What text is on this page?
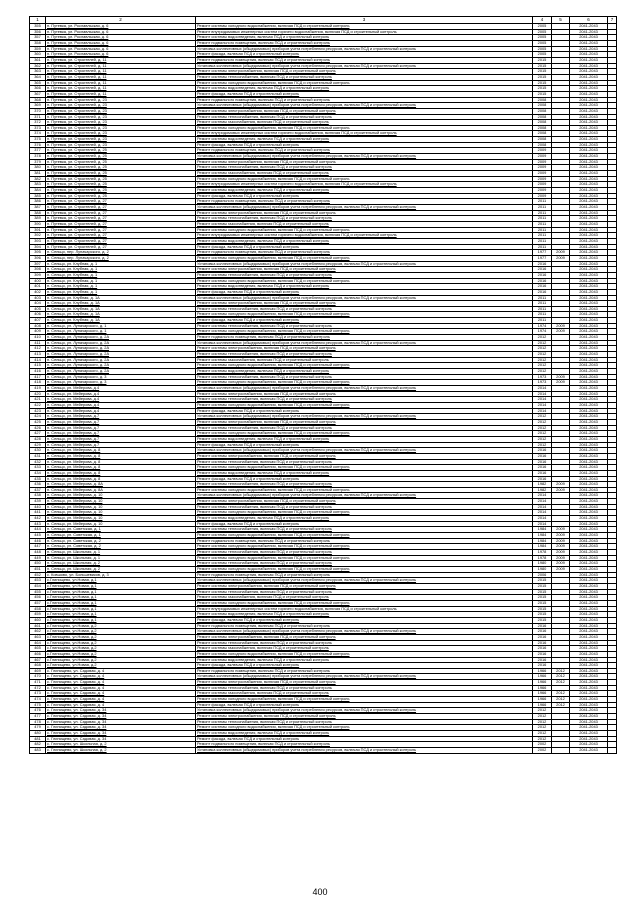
1	2	3	4	5	6	7
355	п. Путевка, ул. Рославльская, д. 6	Ремонт системы холодного водоснабжения, включая ПСД и строительный контроль	2005		2041-2043	
356	п. Путевка, ул. Рославльская, д. 6	Ремонт внутридомовых инженерных систем горячего водоснабжения, включая ПСД и строительный контроль	2005		2041-2043	
357	п. Путевка, ул. Рославльская, д. 6	Ремонт системы водоотведения, включая ПСД и строительный контроль	2005		2041-2043	
358	п. Путевка, ул. Рославльская, д. 6	Ремонт подвального помещения, включая ПСД и строительный контроль	2005		2041-2043	
359	п. Путевка, ул. Рославльская, д. 6	Установка коллективных (общедомовых) приборов учета потребления ресурсов, включая ПСД и строительный контроль	2005		2041-2043	
360	п. Путевка, ул. Рославльская, д. 6	Ремонт фасада, включая ПСД и строительный контроль	2005		2041-2043	
361	п. Путевка, ул. Строителей, д. 11	Ремонт подвального помещения, включая ПСД и строительный контроль	2015		2041-2043	
362	п. Путевка, ул. Строителей, д. 11	Установка коллективных (общедомовых) приборов учета потребления ресурсов, включая ПСД и строительный контроль	2015		2041-2043	
363	п. Путевка, ул. Строителей, д. 11	Ремонт системы электроснабжения, включая ПСД и строительный контроль	2015		2041-2043	
364	п. Путевка, ул. Строителей, д. 11	Ремонт системы теплоснабжения, включая ПСД и строительный контроль	2015		2041-2043	
365	п. Путевка, ул. Строителей, д. 11	Ремонт системы холодного водоснабжения, включая ПСД и строительный контроль	2015		2041-2043	
366	п. Путевка, ул. Строителей, д. 11	Ремонт системы водоотведения, включая ПСД и строительный контроль	2015		2041-2043	
367	п. Путевка, ул. Строителей, д. 11	Ремонт фасада, включая ПСД и строительный контроль	2015		2041-2043	
368	п. Путевка, ул. Строителей, д. 23	Ремонт подвального помещения, включая ПСД и строительный контроль	2008		2041-2043	
369	п. Путевка, ул. Строителей, д. 23	Установка коллективных (общедомовых) приборов учета потребления ресурсов, включая ПСД и строительный контроль	2008		2041-2043	
370	п. Путевка, ул. Строителей, д. 23	Ремонт системы электроснабжения, включая ПСД и строительный контроль	2008		2041-2043	
371	п. Путевка, ул. Строителей, д. 23	Ремонт системы теплоснабжения, включая ПСД и строительный контроль	2008		2041-2043	
372	п. Путевка, ул. Строителей, д. 23	Ремонт системы газоснабжения, включая ПСД и строительный контроль	2008		2041-2043	
373	п. Путевка, ул. Строителей, д. 23	Ремонт системы холодного водоснабжения, включая ПСД и строительный контроль	2008		2041-2043	
374	п. Путевка, ул. Строителей, д. 23	Ремонт внутридомовых инженерных систем горячего водоснабжения, включая ПСД и строительный контроль	2008		2041-2043	
375	п. Путевка, ул. Строителей, д. 23	Ремонт системы водоотведения, включая ПСД и строительный контроль	2008		2041-2043	
376	п. Путевка, ул. Строителей, д. 23	Ремонт фасада, включая ПСД и строительный контроль	2008		2041-2043	
377	п. Путевка, ул. Строителей, д. 25	Ремонт подвального помещения, включая ПСД и строительный контроль	2009		2041-2043	
378	п. Путевка, ул. Строителей, д. 25	Установка коллективных (общедомовых) приборов учета потребления ресурсов, включая ПСД и строительный контроль	2009		2041-2043	
379	п. Путевка, ул. Строителей, д. 25	Ремонт системы электроснабжения, включая ПСД и строительный контроль	2009		2041-2043	
380	п. Путевка, ул. Строителей, д. 25	Ремонт системы теплоснабжения, включая ПСД и строительный контроль	2009		2041-2043	
381	п. Путевка, ул. Строителей, д. 25	Ремонт системы газоснабжения, включая ПСД и строительный контроль	2009		2041-2043	
382	п. Путевка, ул. Строителей, д. 25	Ремонт системы холодного водоснабжения, включая ПСД и строительный контроль	2009		2041-2043	
383	п. Путевка, ул. Строителей, д. 25	Ремонт внутридомовых инженерных систем горячего водоснабжения, включая ПСД и строительный контроль	2009		2041-2043	
384	п. Путевка, ул. Строителей, д. 25	Ремонт системы водоотведения, включая ПСД и строительный контроль	2009		2041-2043	
385	п. Путевка, ул. Строителей, д. 25	Ремонт фасада, включая ПСД и строительный контроль	2009		2041-2043	
386	п. Путевка, ул. Строителей, д. 27	Ремонт подвального помещения, включая ПСД и строительный контроль	2011		2041-2043	
387	п. Путевка, ул. Строителей, д. 27	Установка коллективных (общедомовых) приборов учета потребления ресурсов, включая ПСД и строительный контроль	2011		2041-2043	
388	п. Путевка, ул. Строителей, д. 27	Ремонт системы электроснабжения, включая ПСД и строительный контроль	2011		2041-2043	
389	п. Путевка, ул. Строителей, д. 27	Ремонт системы теплоснабжения, включая ПСД и строительный контроль	2011		2041-2043	
390	п. Путевка, ул. Строителей, д. 27	Ремонт системы газоснабжения, включая ПСД и строительный контроль	2011		2041-2043	
391	п. Путевка, ул. Строителей, д. 27	Ремонт системы холодного водоснабжения, включая ПСД и строительный контроль	2011		2041-2043	
392	п. Путевка, ул. Строителей, д. 27	Ремонт внутридомовых инженерных систем горячего водоснабжения, включая ПСД и строительный контроль	2011		2041-2043	
393	п. Путевка, ул. Строителей, д. 27	Ремонт системы водоотведения, включая ПСД и строительный контроль	2011		2041-2043	
394	п. Путевка, ул. Строителей, д. 27	Ремонт фасада, включая ПСД и строительный контроль	2011		2041-2043	
395	п. Сельцо, пер. Луначарского, д. 2	Ремонт подвального помещения, включая ПСД и строительный контроль	1977	2009	2041-2043	
396	п. Сельцо, пер. Луначарского, д. 2	Ремонт системы холодного водоснабжения, включая ПСД и строительный контроль	1977	2009	2041-2043	
397	п. Сельцо, ул. Клубная, д. 1	Установка коллективных (общедомовых) приборов учета потребления ресурсов, включая ПСД и строительный контроль	2016		2041-2043	
398	п. Сельцо, ул. Клубная, д. 1	Ремонт системы электроснабжения, включая ПСД и строительный контроль	2016		2041-2043	
399	п. Сельцо, ул. Клубная, д. 1	Ремонт системы теплоснабжения, включая ПСД и строительный контроль	2016		2041-2043	
400	п. Сельцо, ул. Клубная, д. 1	Ремонт системы холодного водоснабжения, включая ПСД и строительный контроль	2016		2041-2043	
401	п. Сельцо, ул. Клубная, д. 1	Ремонт системы водоотведения, включая ПСД и строительный контроль	2016		2041-2043	
402	п. Сельцо, ул. Клубная, д. 1	Ремонт фасада, включая ПСД и строительный контроль	2016		2041-2043	
403	п. Сельцо, ул. Клубная, д. 1А	Установка коллективных (общедомовых) приборов учета потребления ресурсов, включая ПСД и строительный контроль	2011		2041-2043	
404	п. Сельцо, ул. Клубная, д. 1А	Ремонт системы электроснабжения, включая ПСД и строительный контроль	2011		2041-2043	
405	п. Сельцо, ул. Клубная, д. 1А	Ремонт системы теплоснабжения, включая ПСД и строительный контроль	2011		2041-2043	
406	п. Сельцо, ул. Клубная, д. 1А	Ремонт системы холодного водоснабжения, включая ПСД и строительный контроль	2011		2041-2043	
407	п. Сельцо, ул. Клубная, д. 1А	Ремонт фасада, включая ПСД и строительный контроль	2011		2041-2043	
408	п. Сельцо, ул. Луначарского, д. 1	Ремонт системы теплоснабжения, включая ПСД и строительный контроль	1974	2009	2041-2043	
409	п. Сельцо, ул. Луначарского, д. 1	Ремонт системы холодного водоснабжения, включая ПСД и строительный контроль	1974	2009	2041-2043	
410	п. Сельцо, ул. Луначарского, д. 2А	Ремонт подвального помещения, включая ПСД и строительный контроль	2012		2041-2043	
411	п. Сельцо, ул. Луначарского, д. 2А	Установка коллективных (общедомовых) приборов учета потребления ресурсов, включая ПСД и строительный контроль	2012		2041-2043	
412	п. Сельцо, ул. Луначарского, д. 2А	Ремонт системы электроснабжения, включая ПСД и строительный контроль	2012		2041-2043	
413	п. Сельцо, ул. Луначарского, д. 2А	Ремонт системы теплоснабжения, включая ПСД и строительный контроль	2012		2041-2043	
414	п. Сельцо, ул. Луначарского, д. 2А	Ремонт системы газоснабжения, включая ПСД и строительный контроль	2012		2041-2043	
415	п. Сельцо, ул. Луначарского, д. 2А	Ремонт системы холодного водоснабжения, включая ПСД и строительный контроль	2012		2041-2043	
416	п. Сельцо, ул. Луначарского, д. 2А	Ремонт системы водоотведения, включая ПСД и строительный контроль	2012		2041-2043	
417	п. Сельцо, ул. Луначарского, д. 3	Ремонт системы теплоснабжения, включая ПСД и строительный контроль	1973	2009	2041-2043	
418	п. Сельцо, ул. Луначарского, д. 3	Ремонт системы холодного водоснабжения, включая ПСД и строительный контроль	1973	2009	2041-2043	
419	п. Сельцо, ул. Мейерова, д.4	Установка коллективных (общедомовых) приборов учета потребления ресурсов, включая ПСД и строительный контроль	2014		2041-2043	
420	п. Сельцо, ул. Мейерова, д.4	Ремонт системы электроснабжения, включая ПСД и строительный контроль	2014		2041-2043	
421	п. Сельцо, ул. Мейерова, д.4	Ремонт системы теплоснабжения, включая ПСД и строительный контроль	2014		2041-2043	
422	п. Сельцо, ул. Мейерова, д.4	Ремонт системы холодного водоснабжения, включая ПСД и строительный контроль	2014		2041-2043	
423	п. Сельцо, ул. Мейерова, д.4	Ремонт фасада, включая ПСД и строительный контроль	2014		2041-2043	
424	п. Сельцо, ул. Мейерова, д.7	Установка коллективных (общедомовых) приборов учета потребления ресурсов, включая ПСД и строительный контроль	2012		2041-2043	
425	п. Сельцо, ул. Мейерова, д.7	Ремонт системы электроснабжения, включая ПСД и строительный контроль	2012		2041-2043	
426	п. Сельцо, ул. Мейерова, д.7	Ремонт системы теплоснабжения, включая ПСД и строительный контроль	2012		2041-2043	
427	п. Сельцо, ул. Мейерова, д.7	Ремонт системы холодного водоснабжения, включая ПСД и строительный контроль	2012		2041-2043	
428	п. Сельцо, ул. Мейерова, д.7	Ремонт системы водоотведения, включая ПСД и строительный контроль	2012		2041-2043	
429	п. Сельцо, ул. Мейерова, д.7	Ремонт фасада, включая ПСД и строительный контроль	2012		2041-2043	
430	п. Сельцо, ул. Мейерова, д. 8	Установка коллективных (общедомовых) приборов учета потребления ресурсов, включая ПСД и строительный контроль	2016		2041-2043	
431	п. Сельцо, ул. Мейерова, д. 8	Ремонт системы электроснабжения, включая ПСД и строительный контроль	2016		2041-2043	
432	п. Сельцо, ул. Мейерова, д. 8	Ремонт системы теплоснабжения, включая ПСД и строительный контроль	2016		2041-2043	
433	п. Сельцо, ул. Мейерова, д. 8	Ремонт системы холодного водоснабжения, включая ПСД и строительный контроль	2016		2041-2043	
434	п. Сельцо, ул. Мейерова, д. 8	Ремонт системы водоотведения, включая ПСД и строительный контроль	2016		2041-2043	
435	п. Сельцо, ул. Мейерова, д. 8	Ремонт фасада, включая ПСД и строительный контроль	2016		2041-2043	
436	п. Сельцо, ул. Мейерова, д. 8А	Ремонт системы теплоснабжения, включая ПСД и строительный контроль	1982	2009	2041-2043	
437	п. Сельцо, ул. Мейерова, д. 8А	Ремонт системы холодного водоснабжения, включая ПСД и строительный контроль	1982	2009	2041-2043	
438	п. Сельцо, ул. Мейерова, д. 10	Установка коллективных (общедомовых) приборов учета потребления ресурсов, включая ПСД и строительный контроль	2014		2041-2043	
439	п. Сельцо, ул. Мейерова, д. 10	Ремонт системы электроснабжения, включая ПСД и строительный контроль	2014		2041-2043	
440	п. Сельцо, ул. Мейерова, д. 10	Ремонт системы теплоснабжения, включая ПСД и строительный контроль	2014		2041-2043	
441	п. Сельцо, ул. Мейерова, д. 10	Ремонт системы холодного водоснабжения, включая ПСД и строительный контроль	2014		2041-2043	
442	п. Сельцо, ул. Мейерова, д. 10	Ремонт системы водоотведения, включая ПСД и строительный контроль	2014		2041-2043	
443	п. Сельцо, ул. Мейерова, д. 10	Ремонт фасада, включая ПСД и строительный контроль	2014		2041-2043	
444	п. Сельцо, ул. Советская, д. 1	Ремонт системы теплоснабжения, включая ПСД и строительный контроль	1984	2009	2041-2043	
445	п. Сельцо, ул. Советская, д. 1	Ремонт системы холодного водоснабжения, включая ПСД и строительный контроль	1984	2009	2041-2043	
446	п. Сельцо, ул. Советская, д. 2	Ремонт подвального помещения, включая ПСД и строительный контроль	1984	2009	2041-2043	
447	п. Сельцо, ул. Советская, д. 2	Ремонт системы холодного водоснабжения, включая ПСД и строительный контроль	1984	2009	2041-2043	
448	п. Сельцо, ул. Школьная, д. 1	Ремонт системы теплоснабжения, включая ПСД и строительный контроль	1978	2009	2041-2043	
449	п. Сельцо, ул. Школьная, д. 1	Ремонт системы холодного водоснабжения, включая ПСД и строительный контроль	1978	2009	2041-2043	
450	п. Сельцо, ул. Школьная, д. 2	Ремонт системы теплоснабжения, включая ПСД и строительный контроль	1980	2009	2041-2043	
451	п. Сельцо, ул. Школьная, д. 2	Ремонт системы холодного водоснабжения, включая ПСД и строительный контроль	1980	2009	2041-2043	
452	с. Ковшово, ул. Большевиков, д. 3	Ремонт подвального помещения, включая ПСД и строительный контроль	2006		2041-2043	
453	с.Глинищево, ул.Новая, д.1	Установка коллективных (общедомовых) приборов учета потребления ресурсов, включая ПСД и строительный контроль	2015		2041-2043	
454	с.Глинищево, ул.Новая, д.1	Ремонт системы электроснабжения, включая ПСД и строительный контроль	2015		2041-2043	
455	с.Глинищево, ул.Новая, д.1	Ремонт системы теплоснабжения, включая ПСД и строительный контроль	2015		2041-2043	
456	с.Глинищево, ул.Новая, д.1	Ремонт системы газоснабжения, включая ПСД и строительный контроль	2015		2041-2043	
457	с.Глинищево, ул.Новая, д.1	Ремонт системы холодного водоснабжения, включая ПСД и строительный контроль	2015		2041-2043	
458	с.Глинищево, ул.Новая, д.1	Ремонт внутридомовых инженерных систем горячего водоснабжения, включая ПСД и строительный контроль	2015		2041-2043	
459	с.Глинищево, ул.Новая, д.1	Ремонт системы водоотведения, включая ПСД и строительный контроль	2015		2041-2043	
460	с.Глинищево, ул.Новая, д.1	Ремонт фасада, включая ПСД и строительный контроль	2015		2041-2043	
461	с.Глинищево, ул.Новая, д.2	Ремонт подвального помещения, включая ПСД и строительный контроль	2016		2041-2043	
462	с.Глинищево, ул.Новая, д.2	Установка коллективных (общедомовых) приборов учета потребления ресурсов, включая ПСД и строительный контроль	2016		2041-2043	
463	с.Глинищево, ул.Новая, д.2	Ремонт системы электроснабжения, включая ПСД и строительный контроль	2016		2041-2043	
464	с.Глинищево, ул.Новая, д.2	Ремонт системы теплоснабжения, включая ПСД и строительный контроль	2016		2041-2043	
465	с.Глинищево, ул.Новая, д.2	Ремонт системы газоснабжения, включая ПСД и строительный контроль	2016		2041-2043	
466	с.Глинищево, ул.Новая, д.2	Ремонт системы холодного водоснабжения, включая ПСД и строительный контроль	2016		2041-2043	
467	с.Глинищево, ул.Новая, д.2	Ремонт системы водоотведения, включая ПСД и строительный контроль	2016		2041-2043	
468	с.Глинищево, ул.Новая, д.2	Ремонт фасада, включая ПСД и строительный контроль	2016		2041-2043	
469	с. Глинищево, ул. Садовая, д. 4	Ремонт подвального помещения, включая ПСД и строительный контроль	1966	2012	2041-2043	
470	с. Глинищево, ул. Садовая, д. 4	Установка коллективных (общедомовых) приборов учета потребления ресурсов, включая ПСД и строительный контроль	1966	2012	2041-2043	
471	с. Глинищево, ул. Садовая, д. 4	Ремонт системы электроснабжения, включая ПСД и строительный контроль	1966	2012	2041-2043	
472	с. Глинищево, ул. Садовая, д. 4	Ремонт системы теплоснабжения, включая ПСД и строительный контроль	1966		2041-2043	
473	с. Глинищево, ул. Садовая, д. 4	Ремонт системы газоснабжения, включая ПСД и строительный контроль	1966	2012	2041-2043	
474	с. Глинищево, ул. Садовая, д. 4	Ремонт системы холодного водоснабжения, включая ПСД и строительный контроль	1966	2012	2041-2043	
475	с. Глинищево, ул. Садовая, д. 4	Ремонт фасада, включая ПСД и строительный контроль	1966	2012	2041-2043	
476	с. Глинищево, ул. Садовая, д. 34	Установка коллективных (общедомовых) приборов учета потребления ресурсов, включая ПСД и строительный контроль	2012		2041-2043	
477	с. Глинищево, ул. Садовая, д. 34	Ремонт системы электроснабжения, включая ПСД и строительный контроль	2012		2041-2043	
478	с. Глинищево, ул. Садовая, д. 34	Ремонт системы теплоснабжения, включая ПСД и строительный контроль	2012		2041-2043	
479	с. Глинищево, ул. Садовая, д. 34	Ремонт системы холодного водоснабжения, включая ПСД и строительный контроль	2012		2041-2043	
480	с. Глинищево, ул. Садовая, д. 34	Ремонт системы водоотведения, включая ПСД и строительный контроль	2012		2041-2043	
481	с. Глинищево, ул. Садовая, д. 34	Ремонт фасада, включая ПСД и строительный контроль	2012		2041-2043	
482	с. Глинищево, ул. Школьная, д. 2	Ремонт подвального помещения, включая ПСД и строительный контроль	2002		2041-2043	
483	с. Глинищево, ул. Школьная, д. 2	Установка коллективных (общедомовых) приборов учета потребления ресурсов, включая ПСД и строительный контроль	2002		2041-2043	
400
